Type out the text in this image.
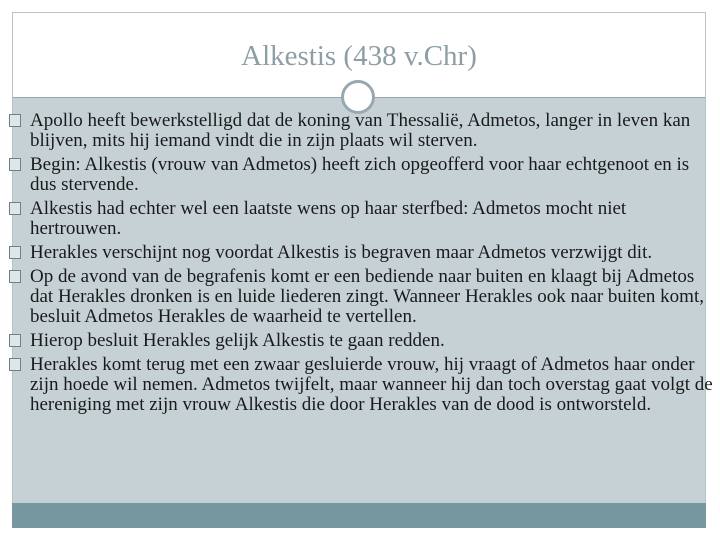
Alkestis (438 v.Chr)
Apollo heeft bewerkstelligd dat de koning van Thessalië, Admetos, langer in leven kan blijven, mits hij iemand vindt die in zijn plaats wil sterven.
Begin: Alkestis (vrouw van Admetos) heeft zich opgeofferd voor haar echtgenoot en is dus stervende.
Alkestis had echter wel een laatste wens op haar sterfbed: Admetos mocht niet hertrouwen.
Herakles verschijnt nog voordat Alkestis is begraven maar Admetos verzwijgt dit.
Op de avond van de begrafenis komt er een bediende naar buiten en klaagt bij Admetos dat Herakles dronken is en luide liederen zingt. Wanneer Herakles ook naar buiten komt, besluit Admetos Herakles de waarheid te vertellen.
Hierop besluit Herakles gelijk Alkestis te gaan redden.
Herakles komt terug met een zwaar gesluierde vrouw, hij vraagt of Admetos haar onder zijn hoede wil nemen. Admetos twijfelt, maar wanneer hij dan toch overstag gaat volgt de hereniging met zijn vrouw Alkestis die door Herakles van de dood is ontworsteld.
